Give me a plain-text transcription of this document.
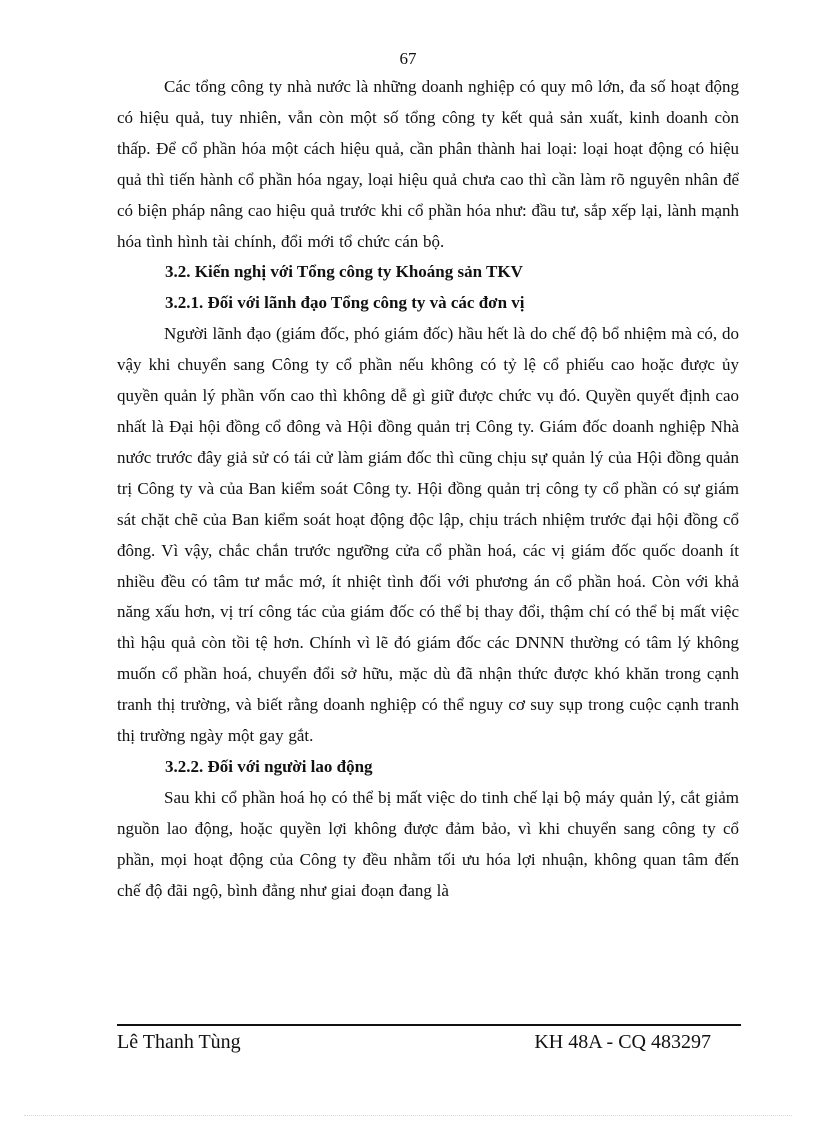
67

Các tổng công ty nhà nước là những doanh nghiệp có quy mô lớn, đa số hoạt động có hiệu quả, tuy nhiên, vẫn còn một số tổng công ty kết quả sản xuất, kinh doanh còn thấp. Để cổ phần hóa một cách hiệu quả, cần phân thành hai loại: loại hoạt động có hiệu quả thì tiến hành cổ phần hóa ngay, loại hiệu quả chưa cao thì cần làm rõ nguyên nhân để có biện pháp nâng cao hiệu quả trước khi cổ phần hóa như: đầu tư, sắp xếp lại, lành mạnh hóa tình hình tài chính, đổi mới tổ chức cán bộ.

3.2. Kiến nghị với Tổng công ty Khoáng sản TKV

3.2.1. Đối với lãnh đạo Tổng công ty và các đơn vị

Người lãnh đạo (giám đốc, phó giám đốc) hầu hết là do chế độ bổ nhiệm mà có, do vậy khi chuyển sang Công ty cổ phần nếu không có tỷ lệ cổ phiếu cao hoặc được ủy quyền quản lý phần vốn cao thì không dễ gì giữ được chức vụ đó. Quyền quyết định cao nhất là Đại hội đồng cổ đông và Hội đồng quản trị Công ty. Giám đốc doanh nghiệp Nhà nước trước đây giả sử có tái cử làm giám đốc thì cũng chịu sự quản lý của Hội đồng quản trị Công ty và của Ban kiểm soát Công ty. Hội đồng quản trị công ty cổ phần có sự giám sát chặt chẽ của Ban kiểm soát hoạt động độc lập, chịu trách nhiệm trước đại hội đồng cổ đông. Vì vậy, chắc chắn trước ngưỡng cửa cổ phần hoá, các vị giám đốc quốc doanh ít nhiều đều có tâm tư mắc mớ, ít nhiệt tình đối với phương án cổ phần hoá. Còn với khả năng xấu hơn, vị trí công tác của giám đốc có thể bị thay đổi, thậm chí có thể bị mất việc thì hậu quả còn tồi tệ hơn. Chính vì lẽ đó giám đốc các DNNN thường có tâm lý không muốn cổ phần hoá, chuyển đổi sở hữu, mặc dù đã nhận thức được khó khăn trong cạnh tranh thị trường, và biết rằng doanh nghiệp có thể nguy cơ suy sụp trong cuộc cạnh tranh thị trường ngày một gay gắt.

3.2.2. Đối với người lao động

Sau khi cổ phần hoá họ có thể bị mất việc do tinh chế lại bộ máy quản lý, cắt giảm nguồn lao động, hoặc quyền lợi không được đảm bảo, vì khi chuyển sang công ty cổ phần, mọi hoạt động của Công ty đều nhằm tối ưu hóa lợi nhuận, không quan tâm đến chế độ đãi ngộ, bình đẳng như giai đoạn đang là

Lê Thanh Tùng	KH 48A - CQ 483297
